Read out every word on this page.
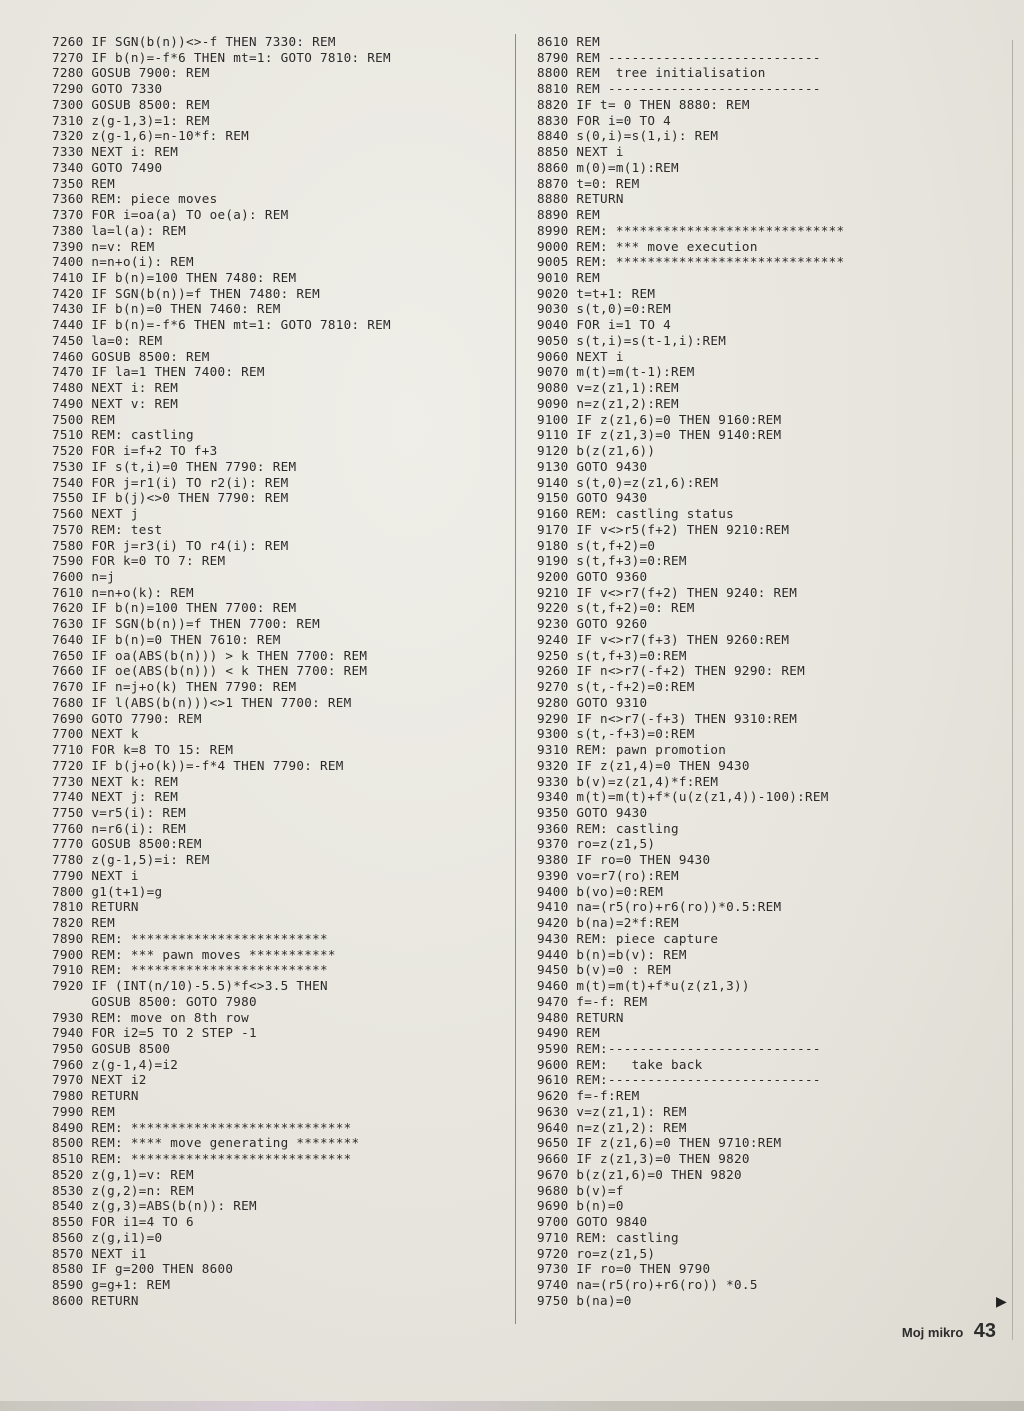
7260 IF SGN(b(n))<>-f THEN 7330: REM
7270 IF b(n)=-f*6 THEN mt=1: GOTO 7810: REM
7280 GOSUB 7900: REM
7290 GOTO 7330
7300 GOSUB 8500: REM
7310 z(g-1,3)=1: REM
7320 z(g-1,6)=n-10*f: REM
7330 NEXT i: REM
7340 GOTO 7490
7350 REM
7360 REM: piece moves
7370 FOR i=oa(a) TO oe(a): REM
7380 la=l(a): REM
7390 n=v: REM
7400 n=n+o(i): REM
7410 IF b(n)=100 THEN 7480: REM
7420 IF SGN(b(n))=f THEN 7480: REM
7430 IF b(n)=0 THEN 7460: REM
7440 IF b(n)=-f*6 THEN mt=1: GOTO 7810: REM
7450 la=0: REM
7460 GOSUB 8500: REM
7470 IF la=1 THEN 7400: REM
7480 NEXT i: REM
7490 NEXT v: REM
7500 REM
7510 REM: castling
7520 FOR i=f+2 TO f+3
7530 IF s(t,i)=0 THEN 7790: REM
7540 FOR j=r1(i) TO r2(i): REM
7550 IF b(j)<>0 THEN 7790: REM
7560 NEXT j
7570 REM: test
7580 FOR j=r3(i) TO r4(i): REM
7590 FOR k=0 TO 7: REM
7600 n=j
7610 n=n+o(k): REM
7620 IF b(n)=100 THEN 7700: REM
7630 IF SGN(b(n))=f THEN 7700: REM
7640 IF b(n)=0 THEN 7610: REM
7650 IF oa(ABS(b(n))) > k THEN 7700: REM
7660 IF oe(ABS(b(n))) < k THEN 7700: REM
7670 IF n=j+o(k) THEN 7790: REM
7680 IF l(ABS(b(n)))<>1 THEN 7700: REM
7690 GOTO 7790: REM
7700 NEXT k
7710 FOR k=8 TO 15: REM
7720 IF b(j+o(k))=-f*4 THEN 7790: REM
7730 NEXT k: REM
7740 NEXT j: REM
7750 v=r5(i): REM
7760 n=r6(i): REM
7770 GOSUB 8500:REM
7780 z(g-1,5)=i: REM
7790 NEXT i
7800 g1(t+1)=g
7810 RETURN
7820 REM
7890 REM: *************************
7900 REM: *** pawn moves ***********
7910 REM: *************************
7920 IF (INT(n/10)-5.5)*f<>3.5 THEN
GOSUB 8500: GOTO 7980
7930 REM: move on 8th row
7940 FOR i2=5 TO 2 STEP -1
7950 GOSUB 8500
7960 z(g-1,4)=i2
7970 NEXT i2
7980 RETURN
7990 REM
8490 REM: ****************************
8500 REM: **** move generating ********
8510 REM: ****************************
8520 z(g,1)=v: REM
8530 z(g,2)=n: REM
8540 z(g,3)=ABS(b(n)): REM
8550 FOR i1=4 TO 6
8560 z(g,i1)=0
8570 NEXT i1
8580 IF g=200 THEN 8600
8590 g=g+1: REM
8600 RETURN
8610 REM
8790 REM ---------------------------
8800 REM  tree initialisation
8810 REM ---------------------------
8820 IF t= 0 THEN 8880: REM
8830 FOR i=0 TO 4
8840 s(0,i)=s(1,i): REM
8850 NEXT i
8860 m(0)=m(1):REM
8870 t=0: REM
8880 RETURN
8890 REM
8990 REM: *****************************
9000 REM: *** move execution
9005 REM: *****************************
9010 REM
9020 t=t+1: REM
9030 s(t,0)=0:REM
9040 FOR i=1 TO 4
9050 s(t,i)=s(t-1,i):REM
9060 NEXT i
9070 m(t)=m(t-1):REM
9080 v=z(z1,1):REM
9090 n=z(z1,2):REM
9100 IF z(z1,6)=0 THEN 9160:REM
9110 IF z(z1,3)=0 THEN 9140:REM
9120 b(z(z1,6))
9130 GOTO 9430
9140 s(t,0)=z(z1,6):REM
9150 GOTO 9430
9160 REM: castling status
9170 IF v<>r5(f+2) THEN 9210:REM
9180 s(t,f+2)=0
9190 s(t,f+3)=0:REM
9200 GOTO 9360
9210 IF v<>r7(f+2) THEN 9240: REM
9220 s(t,f+2)=0: REM
9230 GOTO 9260
9240 IF v<>r7(f+3) THEN 9260:REM
9250 s(t,f+3)=0:REM
9260 IF n<>r7(-f+2) THEN 9290: REM
9270 s(t,-f+2)=0:REM
9280 GOTO 9310
9290 IF n<>r7(-f+3) THEN 9310:REM
9300 s(t,-f+3)=0:REM
9310 REM: pawn promotion
9320 IF z(z1,4)=0 THEN 9430
9330 b(v)=z(z1,4)*f:REM
9340 m(t)=m(t)+f*(u(z(z1,4))-100):REM
9350 GOTO 9430
9360 REM: castling
9370 ro=z(z1,5)
9380 IF ro=0 THEN 9430
9390 vo=r7(ro):REM
9400 b(vo)=0:REM
9410 na=(r5(ro)+r6(ro))*0.5:REM
9420 b(na)=2*f:REM
9430 REM: piece capture
9440 b(n)=b(v): REM
9450 b(v)=0 : REM
9460 m(t)=m(t)+f*u(z(z1,3))
9470 f=-f: REM
9480 RETURN
9490 REM
9590 REM:---------------------------
9600 REM:   take back
9610 REM:---------------------------
9620 f=-f:REM
9630 v=z(z1,1): REM
9640 n=z(z1,2): REM
9650 IF z(z1,6)=0 THEN 9710:REM
9660 IF z(z1,3)=0 THEN 9820
9670 b(z(z1,6)=0 THEN 9820
9680 b(v)=f
9690 b(n)=0
9700 GOTO 9840
9710 REM: castling
9720 ro=z(z1,5)
9730 IF ro=0 THEN 9790
9740 na=(r5(ro)+r6(ro)) *0.5
9750 b(na)=0	▶
Moj mikro 43
